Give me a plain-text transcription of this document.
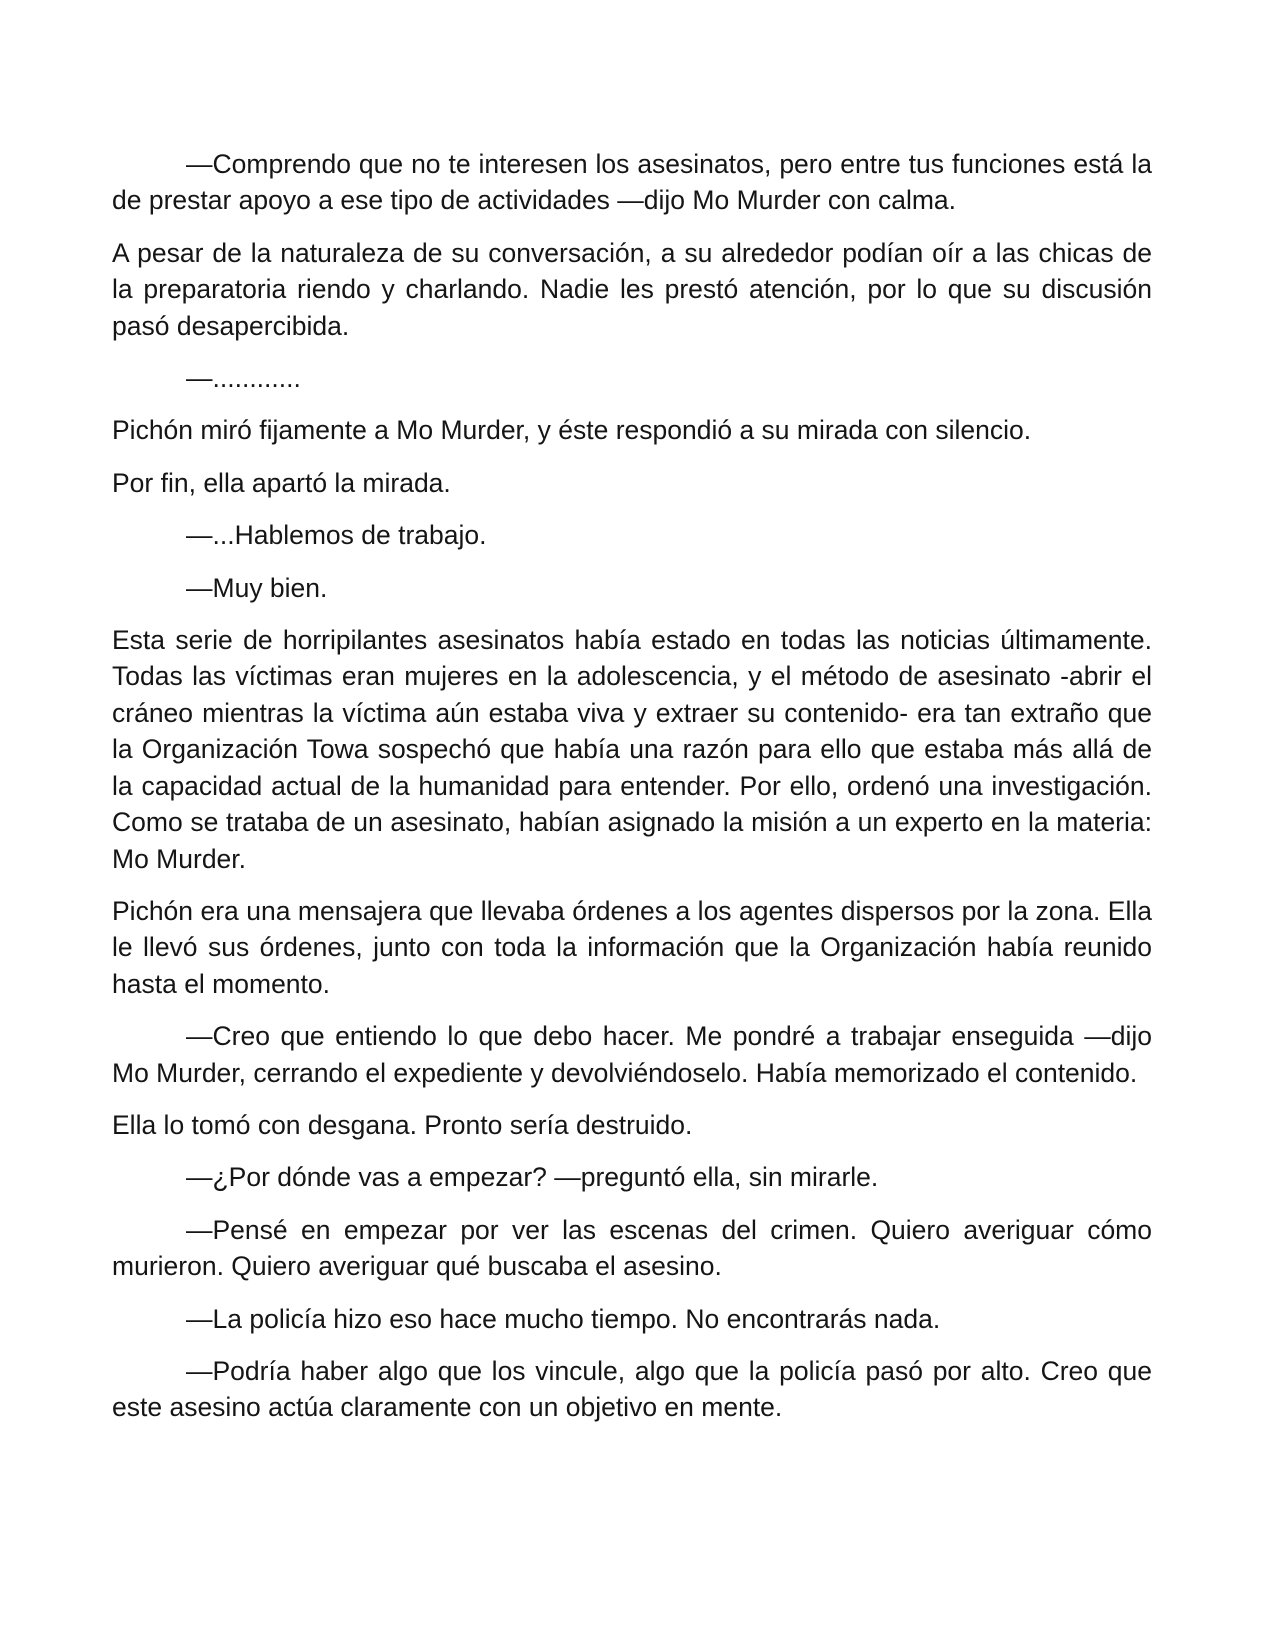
—Comprendo que no te interesen los asesinatos, pero entre tus funciones está la de prestar apoyo a ese tipo de actividades —dijo Mo Murder con calma.

A pesar de la naturaleza de su conversación, a su alrededor podían oír a las chicas de la preparatoria riendo y charlando. Nadie les prestó atención, por lo que su discusión pasó desapercibida.

—............

Pichón miró fijamente a Mo Murder, y éste respondió a su mirada con silencio.

Por fin, ella apartó la mirada.

—...Hablemos de trabajo.

—Muy bien.

Esta serie de horripilantes asesinatos había estado en todas las noticias últimamente. Todas las víctimas eran mujeres en la adolescencia, y el método de asesinato -abrir el cráneo mientras la víctima aún estaba viva y extraer su contenido- era tan extraño que la Organización Towa sospechó que había una razón para ello que estaba más allá de la capacidad actual de la humanidad para entender. Por ello, ordenó una investigación. Como se trataba de un asesinato, habían asignado la misión a un experto en la materia: Mo Murder.

Pichón era una mensajera que llevaba órdenes a los agentes dispersos por la zona. Ella le llevó sus órdenes, junto con toda la información que la Organización había reunido hasta el momento.

—Creo que entiendo lo que debo hacer. Me pondré a trabajar enseguida —dijo Mo Murder, cerrando el expediente y devolviéndoselo. Había memorizado el contenido.

Ella lo tomó con desgana. Pronto sería destruido.

—¿Por dónde vas a empezar? —preguntó ella, sin mirarle.

—Pensé en empezar por ver las escenas del crimen. Quiero averiguar cómo murieron. Quiero averiguar qué buscaba el asesino.

—La policía hizo eso hace mucho tiempo. No encontrarás nada.

—Podría haber algo que los vincule, algo que la policía pasó por alto. Creo que este asesino actúa claramente con un objetivo en mente.
